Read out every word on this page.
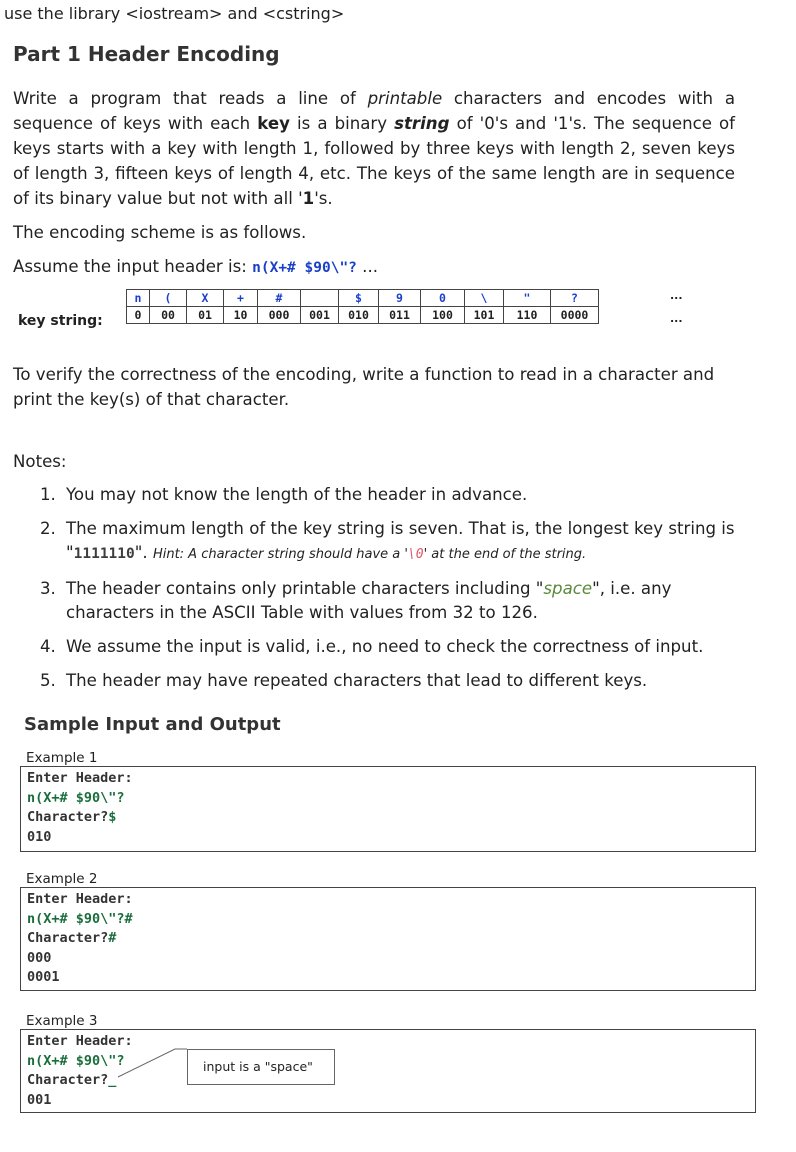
use the library <iostream> and <cstring>
Part 1 Header Encoding
Write a program that reads a line of printable characters and encodes with a sequence of keys with each key is a binary string of '0's and '1's. The sequence of keys starts with a key with length 1, followed by three keys with length 2, seven keys of length 3, fifteen keys of length 4, etc. The keys of the same length are in sequence of its binary value but not with all '1's.
The encoding scheme is as follows.
Assume the input header is: n(X+# $90\"? ...
key string:
n	(	X	+	#		$	9	0	\	"	?
0	00	01	10	000	001	010	011	100	101	110	0000
...
...
To verify the correctness of the encoding, write a function to read in a character and print the key(s) of that character.
Notes:
1. You may not know the length of the header in advance.
2. The maximum length of the key string is seven. That is, the longest key string is "1111110". Hint: A character string should have a '\0' at the end of the string.
3. The header contains only printable characters including "space", i.e. any characters in the ASCII Table with values from 32 to 126.
4. We assume the input is valid, i.e., no need to check the correctness of input.
5. The header may have repeated characters that lead to different keys.
Sample Input and Output
Example 1
Enter Header:
n(X+# $90\"?
Character?$
010
Example 2
Enter Header:
n(X+# $90\"?#
Character?#
000
0001
Example 3
Enter Header:
n(X+# $90\"?
Character?_
001
input is a "space"
